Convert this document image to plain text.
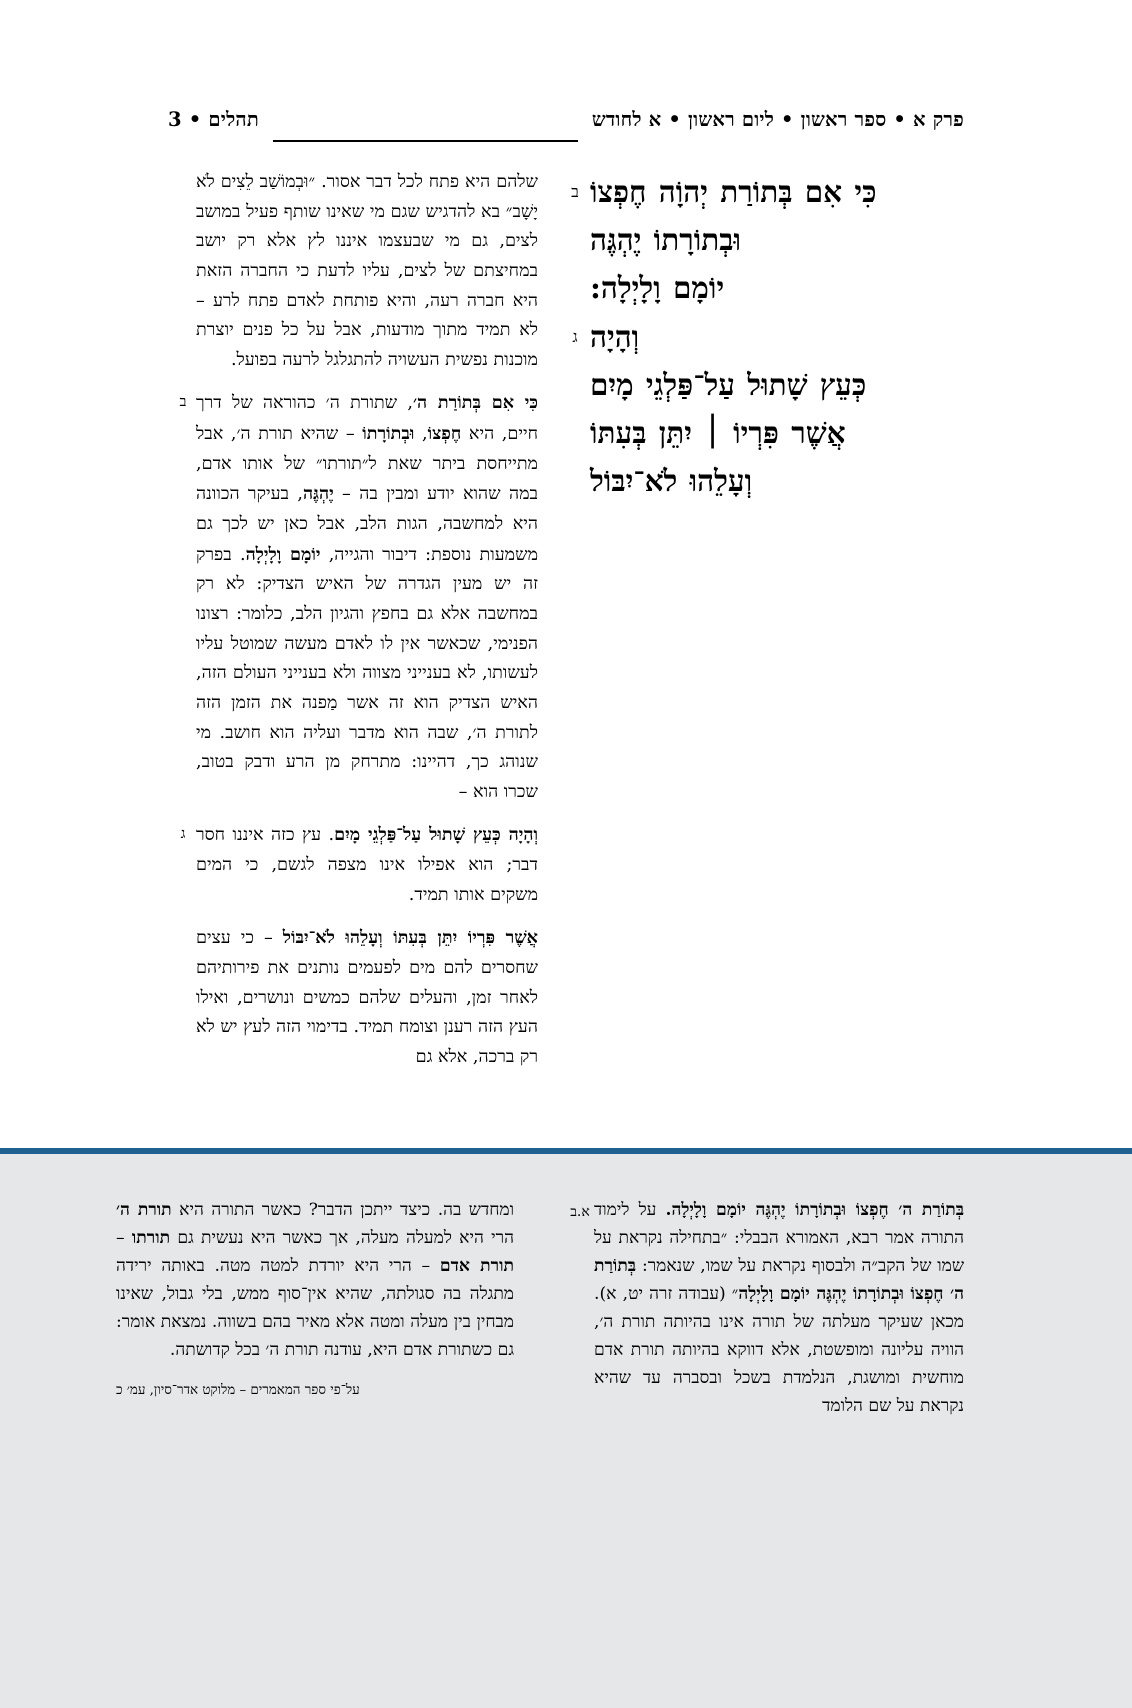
פרק א • ספר ראשון • ליום ראשון • א לחודש
תהלים • 3
כִּי אִם בְּתוֹרַת יְהוָֹה חֶפְצוֹ
וּבְתוֹרָתוֹ יֶהְגֶּה
יוֹמָם וָלָיְלָה:
ב
וְהָיָה
כְּעֵץ שָׁתוּל עַל־פַּלְגֵי מָיִם
אֲשֶׁר פִּרְיוֹ ׀ יִתֵּן בְּעִתּוֹ
וְעָלֵהוּ לֹא־יִבּוֹל
ג
שלהם היא פתח לכל דבר אסור. ״וּבְמוֹשַׁב לֵצִים לֹא יָשָׁב״ בא להדגיש שגם מי שאינו שותף פעיל במושב לצים, גם מי שבעצמו איננו לץ אלא רק יושב במחיצתם של לצים, עליו לדעת כי החברה הזאת היא חברה רעה, והיא פותחת לאדם פתח לרע – לא תמיד מתוך מודעות, אבל על כל פנים יוצרת מוכנות נפשית העשויה להתגלגל לרעה בפועל.
כִּי אִם בְּתוֹרַת ה׳, שתורת ה׳ כהוראה של דרך חיים, היא חֶפְצוֹ, וּבְתוֹרָתוֹ – שהיא תורת ה׳, אבל מתייחסת ביתר שאת ל״תורתו״ של אותו אדם, במה שהוא יודע ומבין בה – יֶהְגֶּה, בעיקר הכוונה היא למחשבה, הגות הלב, אבל כאן יש לכך גם משמעות נוספת: דיבור והגייה, יוֹמָם וָלָיְלָה. בפרק זה יש מעין הגדרה של האיש הצדיק: לא רק במחשבה אלא גם בחפץ והגיון הלב, כלומר: רצונו הפנימי, שכאשר אין לו לאדם מעשה שמוטל עליו לעשותו, לא בענייני מצווה ולא בענייני העולם הזה, האיש הצדיק הוא זה אשר מַפנה את הזמן הזה לתורת ה׳, שבה הוא מדבר ועליה הוא חושב. מי שנוהג כך, דהיינו: מתרחק מן הרע ודבק בטוב, שכרו הוא –
ב
וְהָיָה כְּעֵץ שָׁתוּל עַל־פַּלְגֵי מָיִם. עץ כזה איננו חסר דבר; הוא אפילו אינו מצפה לגשם, כי המים משקים אותו תמיד.
ג
אֲשֶׁר פִּרְיוֹ יִתֵּן בְּעִתּוֹ וְעָלֵהוּ לֹא־יִבּוֹל – כי עצים שחסרים להם מים לפעמים נותנים את פירותיהם לאחר זמן, והעלים שלהם כמשים ונושרים, ואילו העץ הזה רענן וצומח תמיד. בדימוי הזה לעץ יש לא רק ברכה, אלא גם
בְּתוֹרַת ה׳ חֶפְצוֹ וּבְתוֹרָתוֹ יֶהְגֶּה יוֹמָם וָלָיְלָה. על לימוד התורה אמר רבא, האמורא הבבלי: ״בתחילה נקראת על שמו של הקב״ה ולבסוף נקראת על שמו, שנאמר: בְּתוֹרַת ה׳ חֶפְצוֹ וּבְתוֹרָתוֹ יֶהְגֶּה יוֹמָם וָלָיְלָה״ (עבודה זרה יט, א). מכאן שעיקר מעלתה של תורה אינו בהיותה תורת ה׳, הוויה עליונה ומופשטת, אלא דווקא בהיותה תורת אדם מוחשית ומושגת, הנלמדת בשכל ובסברה עד שהיא נקראת על שם הלומד
א.ב
ומחדש בה. כיצד ייתכן הדבר? כאשר התורה היא תורת ה׳ הרי היא למעלה מעלה, אך כאשר היא נעשית גם תורתו – תורת אדם – הרי היא יורדת למטה מטה. באותה ירידה מתגלה בה סגולתה, שהיא אין־סוף ממש, בלי גבול, שאינו מבחין בין מעלה ומטה אלא מאיר בהם בשווה. נמצאת אומר: גם כשתורת אדם היא, עודנה תורת ה׳ בכל קדושתה.
על־פי ספר המאמרים – מלוקט אדר־סיון, עמ׳ כ
